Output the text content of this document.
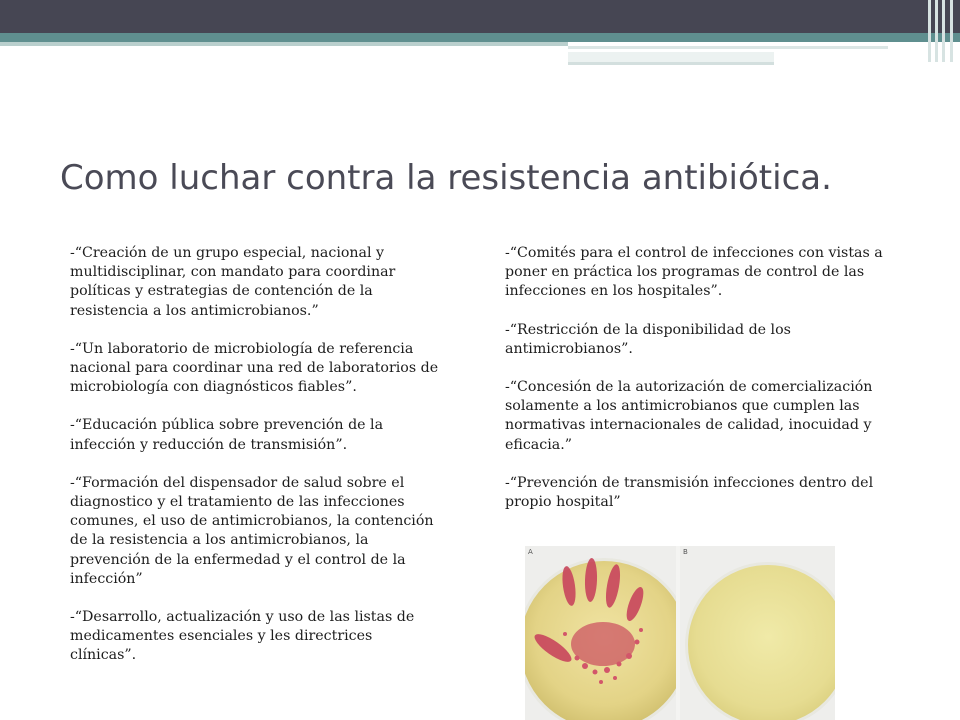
Como luchar contra la resistencia antibiótica.

-“Creación de un grupo especial, nacional y multidisciplinar, con mandato para coordinar políticas y estrategias de contención de la resistencia a los antimicrobianos.”

-“Un laboratorio de microbiología de referencia nacional para coordinar una red de laboratorios de microbiología con diagnósticos fiables”.

-“Educación pública sobre prevención de la infección y reducción de transmisión”.

-“Formación del dispensador de salud sobre el diagnostico y el tratamiento de las infecciones comunes, el uso de antimicrobianos, la contención de la resistencia a los antimicrobianos, la prevención de la enfermedad y el control de la infección”

-“Desarrollo, actualización y uso de las listas de medicamentes esenciales y les directrices clínicas”.

-“Comités para el control de infecciones con vistas a poner en práctica los programas de control de las infecciones en los hospitales”.

-“Restricción de la disponibilidad de los antimicrobianos”.

-“Concesión de la autorización de comercialización solamente a los antimicrobianos que cumplen las normativas internacionales de calidad, inocuidad y eficacia.”

-“Prevención de transmisión infecciones dentro del propio hospital”

A	B
